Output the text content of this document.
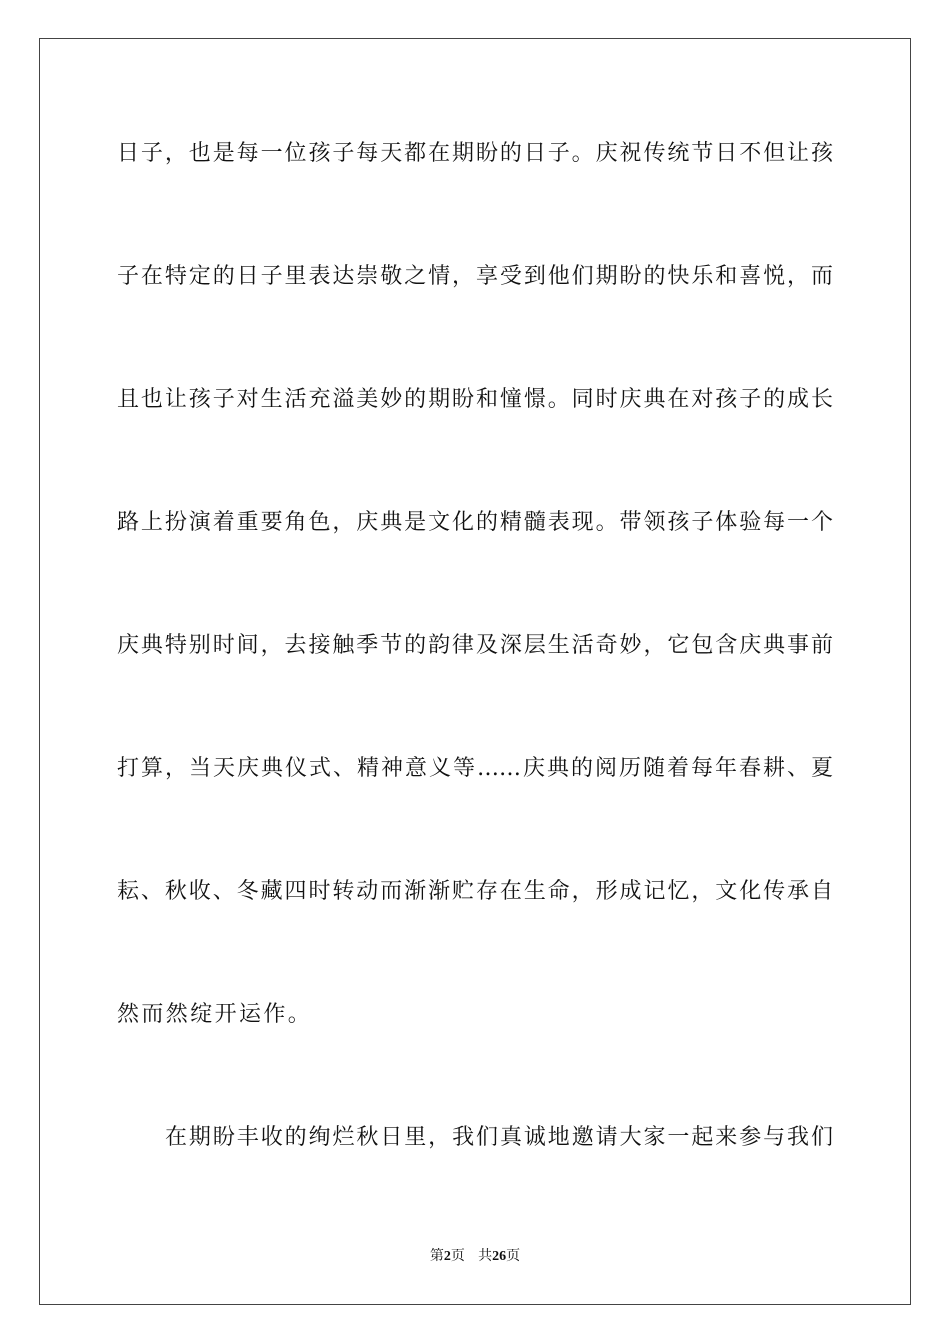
日子，也是每一位孩子每天都在期盼的日子。庆祝传统节日不但让孩
子在特定的日子里表达崇敬之情，享受到他们期盼的快乐和喜悦，而
且也让孩子对生活充溢美妙的期盼和憧憬。同时庆典在对孩子的成长
路上扮演着重要角色，庆典是文化的精髓表现。带领孩子体验每一个
庆典特别时间，去接触季节的韵律及深层生活奇妙，它包含庆典事前
打算，当天庆典仪式、精神意义等……庆典的阅历随着每年春耕、夏
耘、秋收、冬藏四时转动而渐渐贮存在生命，形成记忆，文化传承自
然而然绽开运作。
在期盼丰收的绚烂秋日里，我们真诚地邀请大家一起来参与我们
第2页 共26页
